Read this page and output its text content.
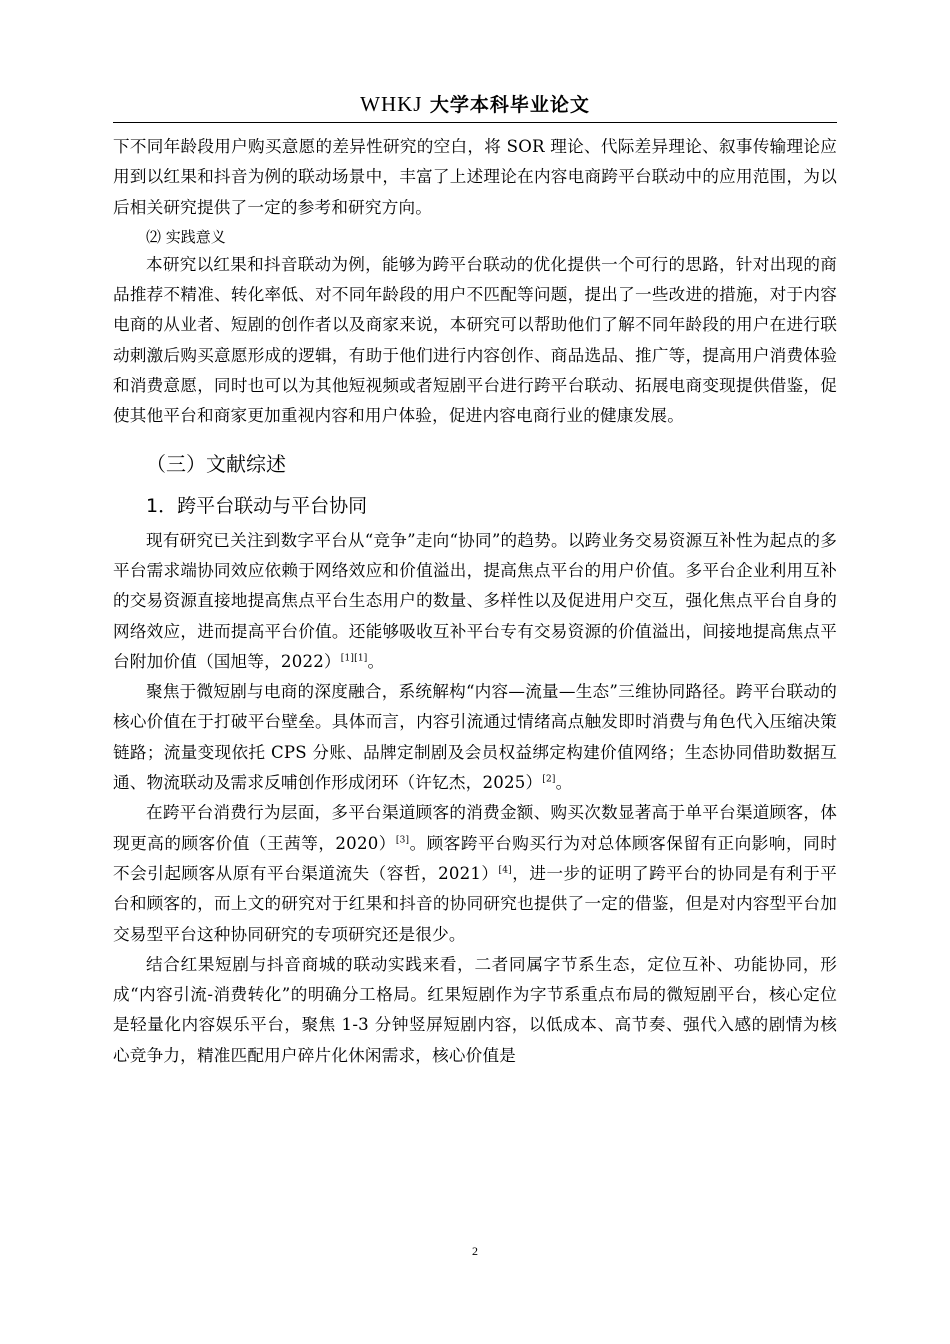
WHKJ 大学本科毕业论文

下不同年龄段用户购买意愿的差异性研究的空白，将 SOR 理论、代际差异理论、叙事传输理论应用到以红果和抖音为例的联动场景中，丰富了上述理论在内容电商跨平台联动中的应用范围，为以后相关研究提供了一定的参考和研究方向。

⑵ 实践意义

本研究以红果和抖音联动为例，能够为跨平台联动的优化提供一个可行的思路，针对出现的商品推荐不精准、转化率低、对不同年龄段的用户不匹配等问题，提出了一些改进的措施，对于内容电商的从业者、短剧的创作者以及商家来说，本研究可以帮助他们了解不同年龄段的用户在进行联动刺激后购买意愿形成的逻辑，有助于他们进行内容创作、商品选品、推广等，提高用户消费体验和消费意愿，同时也可以为其他短视频或者短剧平台进行跨平台联动、拓展电商变现提供借鉴，促使其他平台和商家更加重视内容和用户体验，促进内容电商行业的健康发展。

（三）文献综述
1．跨平台联动与平台协同

现有研究已关注到数字平台从“竞争”走向“协同”的趋势。以跨业务交易资源互补性为起点的多平台需求端协同效应依赖于网络效应和价值溢出，提高焦点平台的用户价值。多平台企业利用互补的交易资源直接地提高焦点平台生态用户的数量、多样性以及促进用户交互，强化焦点平台自身的网络效应，进而提高平台价值。还能够吸收互补平台专有交易资源的价值溢出，间接地提高焦点平台附加价值（国旭等，2022）[1][1]。

聚焦于微短剧与电商的深度融合，系统解构“内容—流量—生态”三维协同路径。跨平台联动的核心价值在于打破平台壁垒。具体而言，内容引流通过情绪高点触发即时消费与角色代入压缩决策链路；流量变现依托 CPS 分账、品牌定制剧及会员权益绑定构建价值网络；生态协同借助数据互通、物流联动及需求反哺创作形成闭环（许钇杰，2025）[2]。

在跨平台消费行为层面，多平台渠道顾客的消费金额、购买次数显著高于单平台渠道顾客，体现更高的顾客价值（王茜等，2020）[3]。顾客跨平台购买行为对总体顾客保留有正向影响，同时不会引起顾客从原有平台渠道流失（容哲，2021）[4]，进一步的证明了跨平台的协同是有利于平台和顾客的，而上文的研究对于红果和抖音的协同研究也提供了一定的借鉴，但是对内容型平台加交易型平台这种协同研究的专项研究还是很少。

结合红果短剧与抖音商城的联动实践来看，二者同属字节系生态，定位互补、功能协同，形成“内容引流-消费转化”的明确分工格局。红果短剧作为字节系重点布局的微短剧平台，核心定位是轻量化内容娱乐平台，聚焦 1-3 分钟竖屏短剧内容，以低成本、高节奏、强代入感的剧情为核心竞争力，精准匹配用户碎片化休闲需求，核心价值是

2
